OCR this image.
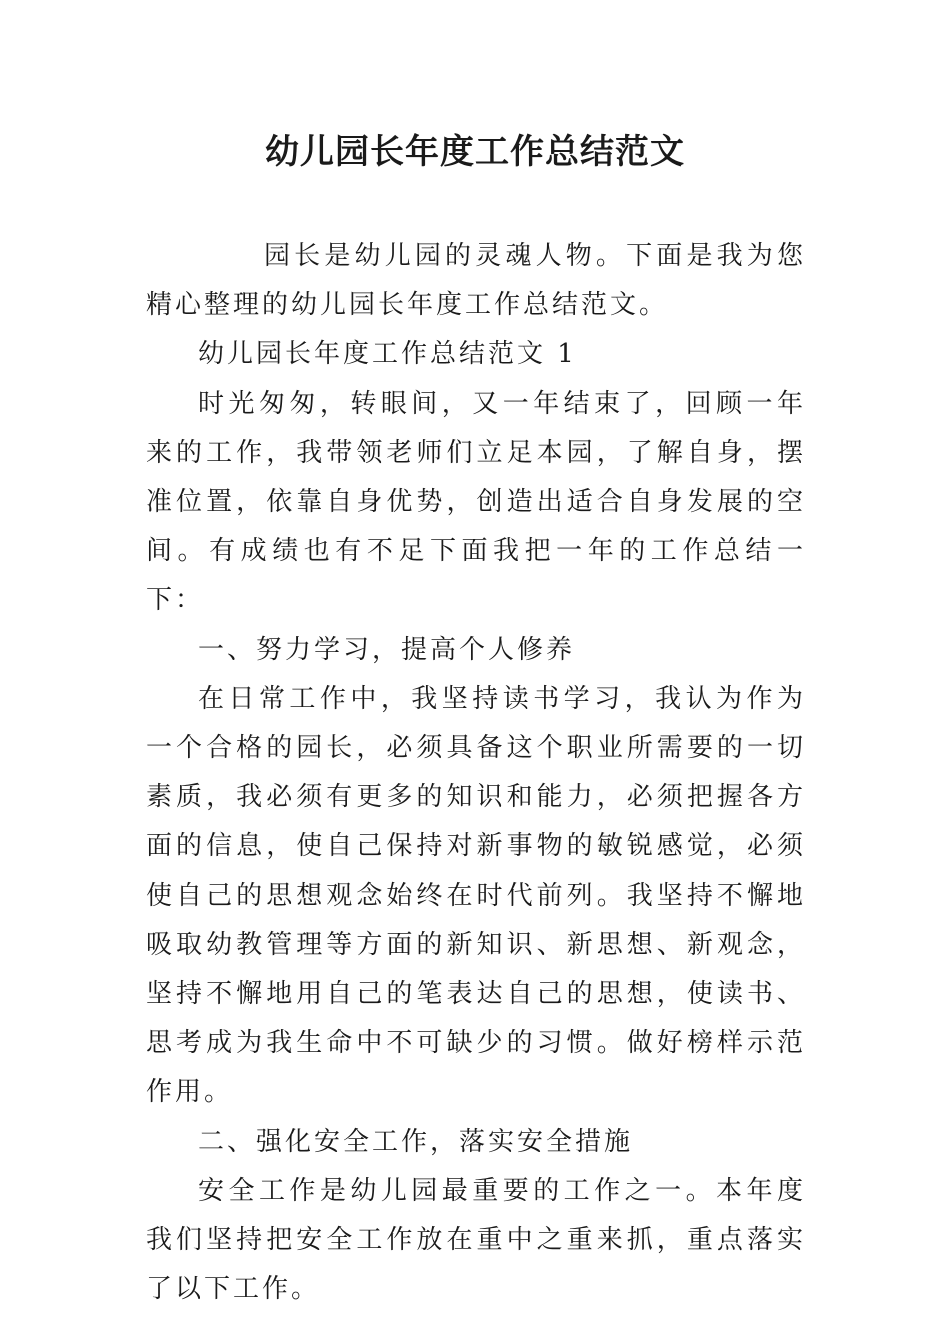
幼儿园长年度工作总结范文

园长是幼儿园的灵魂人物。下面是我为您精心整理的幼儿园长年度工作总结范文。

幼儿园长年度工作总结范文 1

时光匆匆，转眼间，又一年结束了，回顾一年来的工作，我带领老师们立足本园，了解自身，摆准位置，依靠自身优势，创造出适合自身发展的空间。有成绩也有不足下面我把一年的工作总结一下：

一、努力学习，提高个人修养

在日常工作中，我坚持读书学习，我认为作为一个合格的园长，必须具备这个职业所需要的一切素质，我必须有更多的知识和能力，必须把握各方面的信息，使自己保持对新事物的敏锐感觉，必须使自己的思想观念始终在时代前列。我坚持不懈地吸取幼教管理等方面的新知识、新思想、新观念，坚持不懈地用自己的笔表达自己的思想，使读书、思考成为我生命中不可缺少的习惯。做好榜样示范作用。

二、强化安全工作，落实安全措施

安全工作是幼儿园最重要的工作之一。本年度我们坚持把安全工作放在重中之重来抓，重点落实了以下工作。
